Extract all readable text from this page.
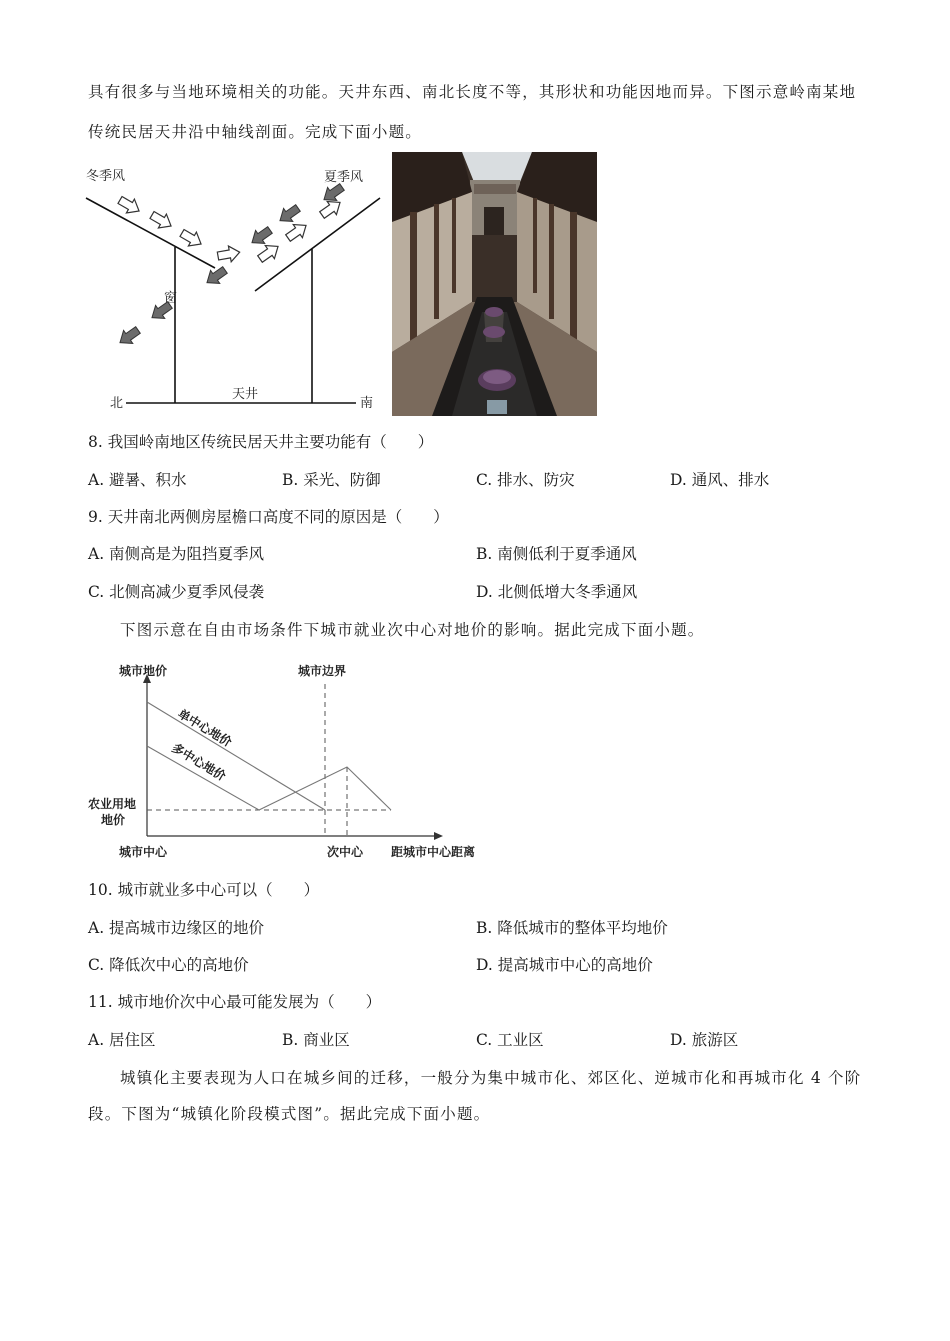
具有很多与当地环境相关的功能。天井东西、南北长度不等，其形状和功能因地而异。下图示意岭南某地
传统民居天井沿中轴线剖面。完成下面小题。
冬季风	夏季风
窗
天井
北	南
8. 我国岭南地区传统民居天井主要功能有（　　）
A. 避暑、积水	B. 采光、防御	C. 排水、防灾	D. 通风、排水
9. 天井南北两侧房屋檐口高度不同的原因是（　　）
A. 南侧高是为阻挡夏季风	B. 南侧低利于夏季通风
C. 北侧高减少夏季风侵袭	D. 北侧低增大冬季通风
下图示意在自由市场条件下城市就业次中心对地价的影响。据此完成下面小题。
城市地价	城市边界
单中心地价
多中心地价
农业用地
地价
城市中心	次中心 距城市中心距离
10. 城市就业多中心可以（　　）
A. 提高城市边缘区的地价	B. 降低城市的整体平均地价
C. 降低次中心的高地价	D. 提高城市中心的高地价
11. 城市地价次中心最可能发展为（　　）
A. 居住区	B. 商业区	C. 工业区	D. 旅游区
城镇化主要表现为人口在城乡间的迁移，一般分为集中城市化、郊区化、逆城市化和再城市化 4 个阶
段。下图为“城镇化阶段模式图”。据此完成下面小题。
